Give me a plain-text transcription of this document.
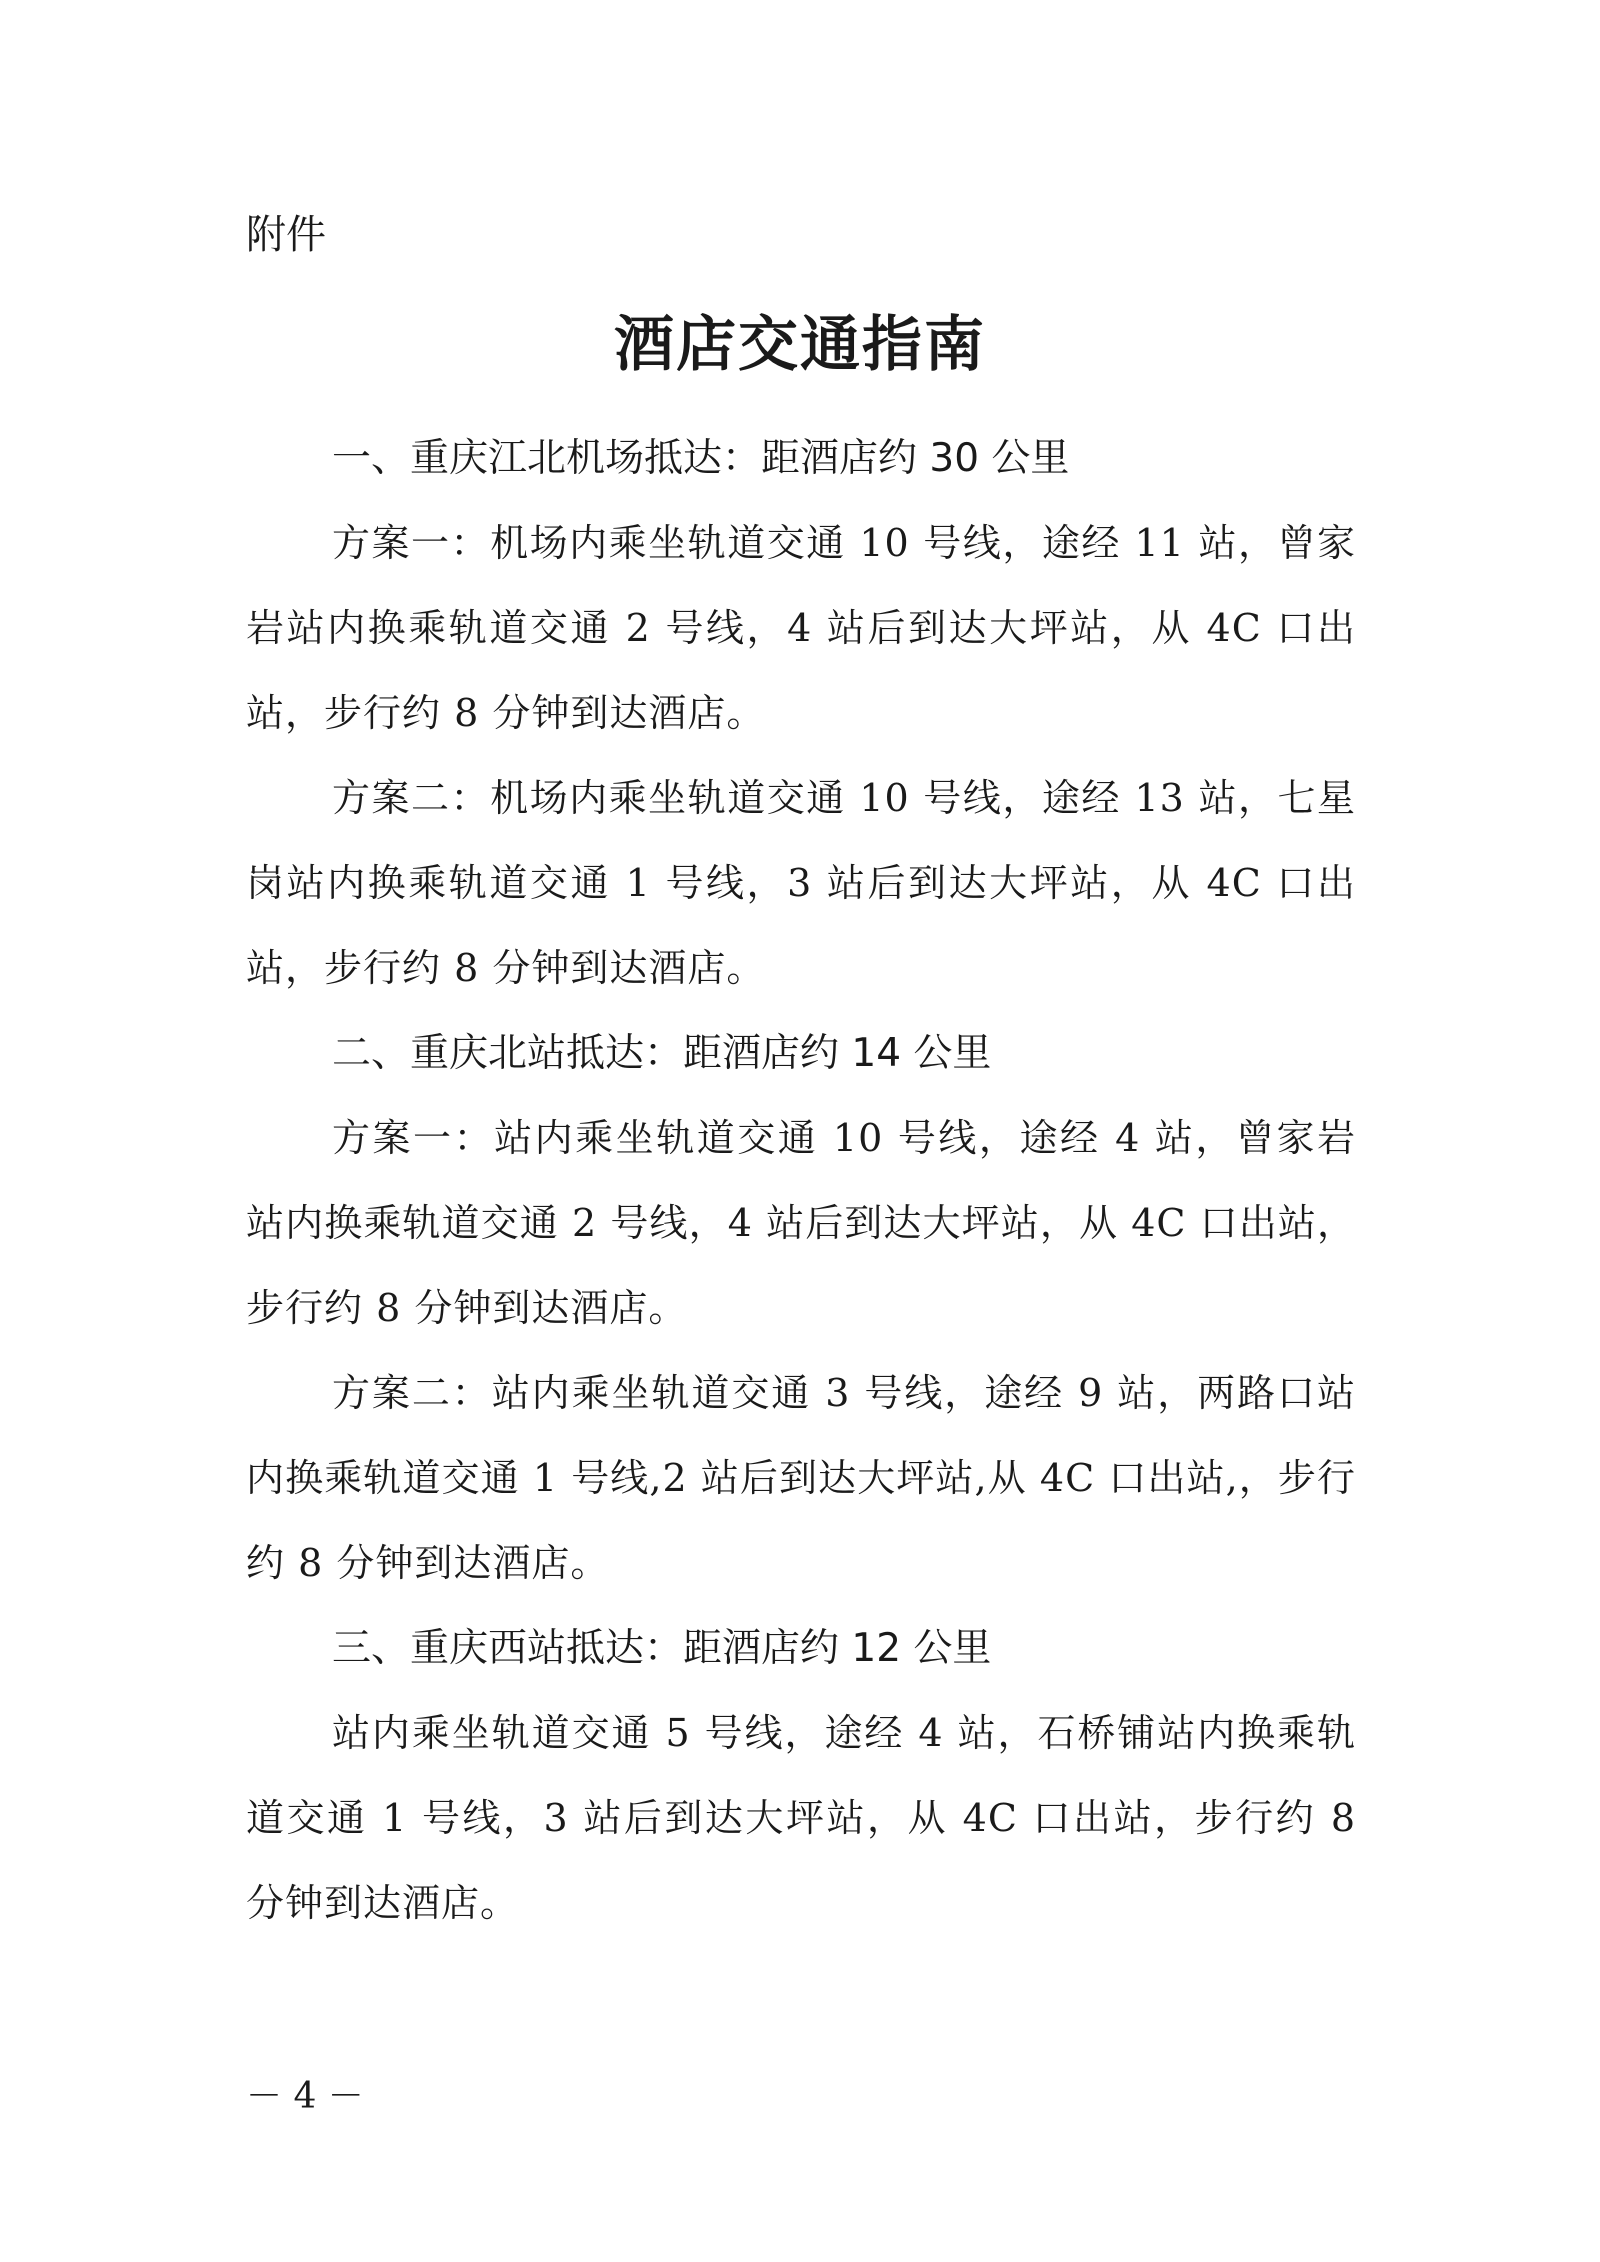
附件
酒店交通指南

一、重庆江北机场抵达：距酒店约 30 公里

方案一：机场内乘坐轨道交通 10 号线，途经 11 站，曾家岩站内换乘轨道交通 2 号线，4 站后到达大坪站，从 4C 口出站，步行约 8 分钟到达酒店。

方案二：机场内乘坐轨道交通 10 号线，途经 13 站，七星岗站内换乘轨道交通 1 号线，3 站后到达大坪站，从 4C 口出站，步行约 8 分钟到达酒店。

二、重庆北站抵达：距酒店约 14 公里

方案一：站内乘坐轨道交通 10 号线，途经 4 站，曾家岩站内换乘轨道交通 2 号线，4 站后到达大坪站，从 4C 口出站，步行约 8 分钟到达酒店。

方案二：站内乘坐轨道交通 3 号线，途经 9 站，两路口站内换乘轨道交通 1 号线,2 站后到达大坪站,从 4C 口出站,，步行约 8 分钟到达酒店。

三、重庆西站抵达：距酒店约 12 公里

站内乘坐轨道交通 5 号线，途经 4 站，石桥铺站内换乘轨道交通 1 号线，3 站后到达大坪站，从 4C 口出站，步行约 8 分钟到达酒店。

－ 4 －
